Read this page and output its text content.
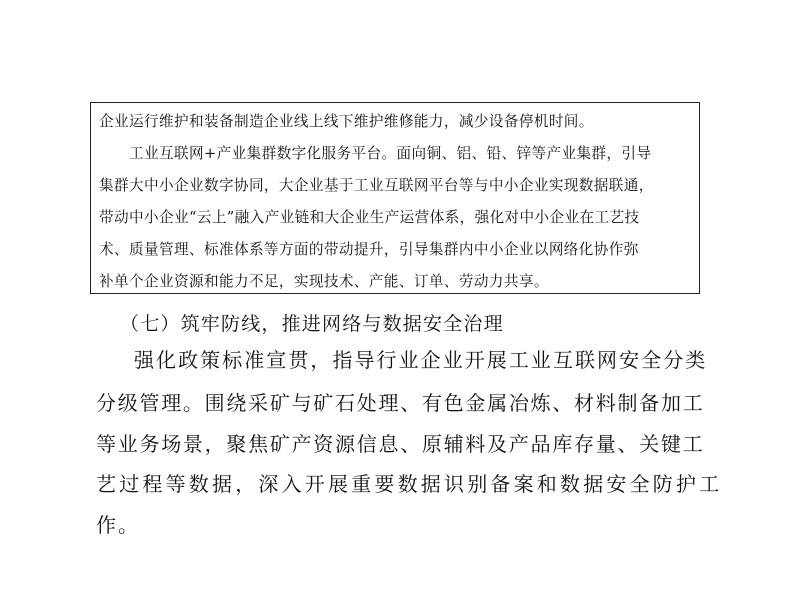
企业运行维护和装备制造企业线上线下维护维修能力，减少设备停机时间。
工业互联网+产业集群数字化服务平台。面向铜、铝、铅、锌等产业集群，引导
集群大中小企业数字协同，大企业基于工业互联网平台等与中小企业实现数据联通，
带动中小企业“云上”融入产业链和大企业生产运营体系，强化对中小企业在工艺技
术、质量管理、标准体系等方面的带动提升，引导集群内中小企业以网络化协作弥
补单个企业资源和能力不足，实现技术、产能、订单、劳动力共享。
（七）筑牢防线，推进网络与数据安全治理
强化政策标准宣贯，指导行业企业开展工业互联网安全分类
分级管理。围绕采矿与矿石处理、有色金属冶炼、材料制备加工
等业务场景，聚焦矿产资源信息、原辅料及产品库存量、关键工
艺过程等数据，深入开展重要数据识别备案和数据安全防护工
作。
